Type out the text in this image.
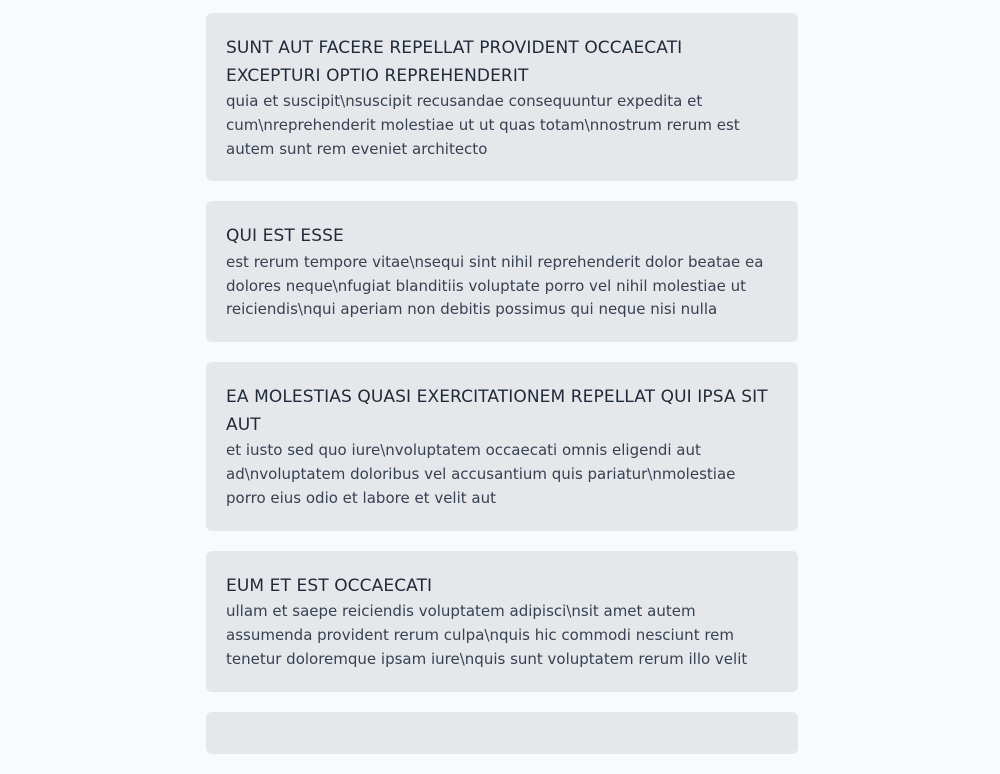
SUNT AUT FACERE REPELLAT PROVIDENT OCCAECATI EXCEPTURI OPTIO REPREHENDERIT

quia et suscipit\nsuscipit recusandae consequuntur expedita et cum\nreprehenderit molestiae ut ut quas totam\nnostrum rerum est autem sunt rem eveniet architecto

QUI EST ESSE

est rerum tempore vitae\nsequi sint nihil reprehenderit dolor beatae ea dolores neque\nfugiat blanditiis voluptate porro vel nihil molestiae ut reiciendis\nqui aperiam non debitis possimus qui neque nisi nulla

EA MOLESTIAS QUASI EXERCITATIONEM REPELLAT QUI IPSA SIT AUT

et iusto sed quo iure\nvoluptatem occaecati omnis eligendi aut ad\nvoluptatem doloribus vel accusantium quis pariatur\nmolestiae porro eius odio et labore et velit aut

EUM ET EST OCCAECATI

ullam et saepe reiciendis voluptatem adipisci\nsit amet autem assumenda provident rerum culpa\nquis hic commodi nesciunt rem tenetur doloremque ipsam iure\nquis sunt voluptatem rerum illo velit
